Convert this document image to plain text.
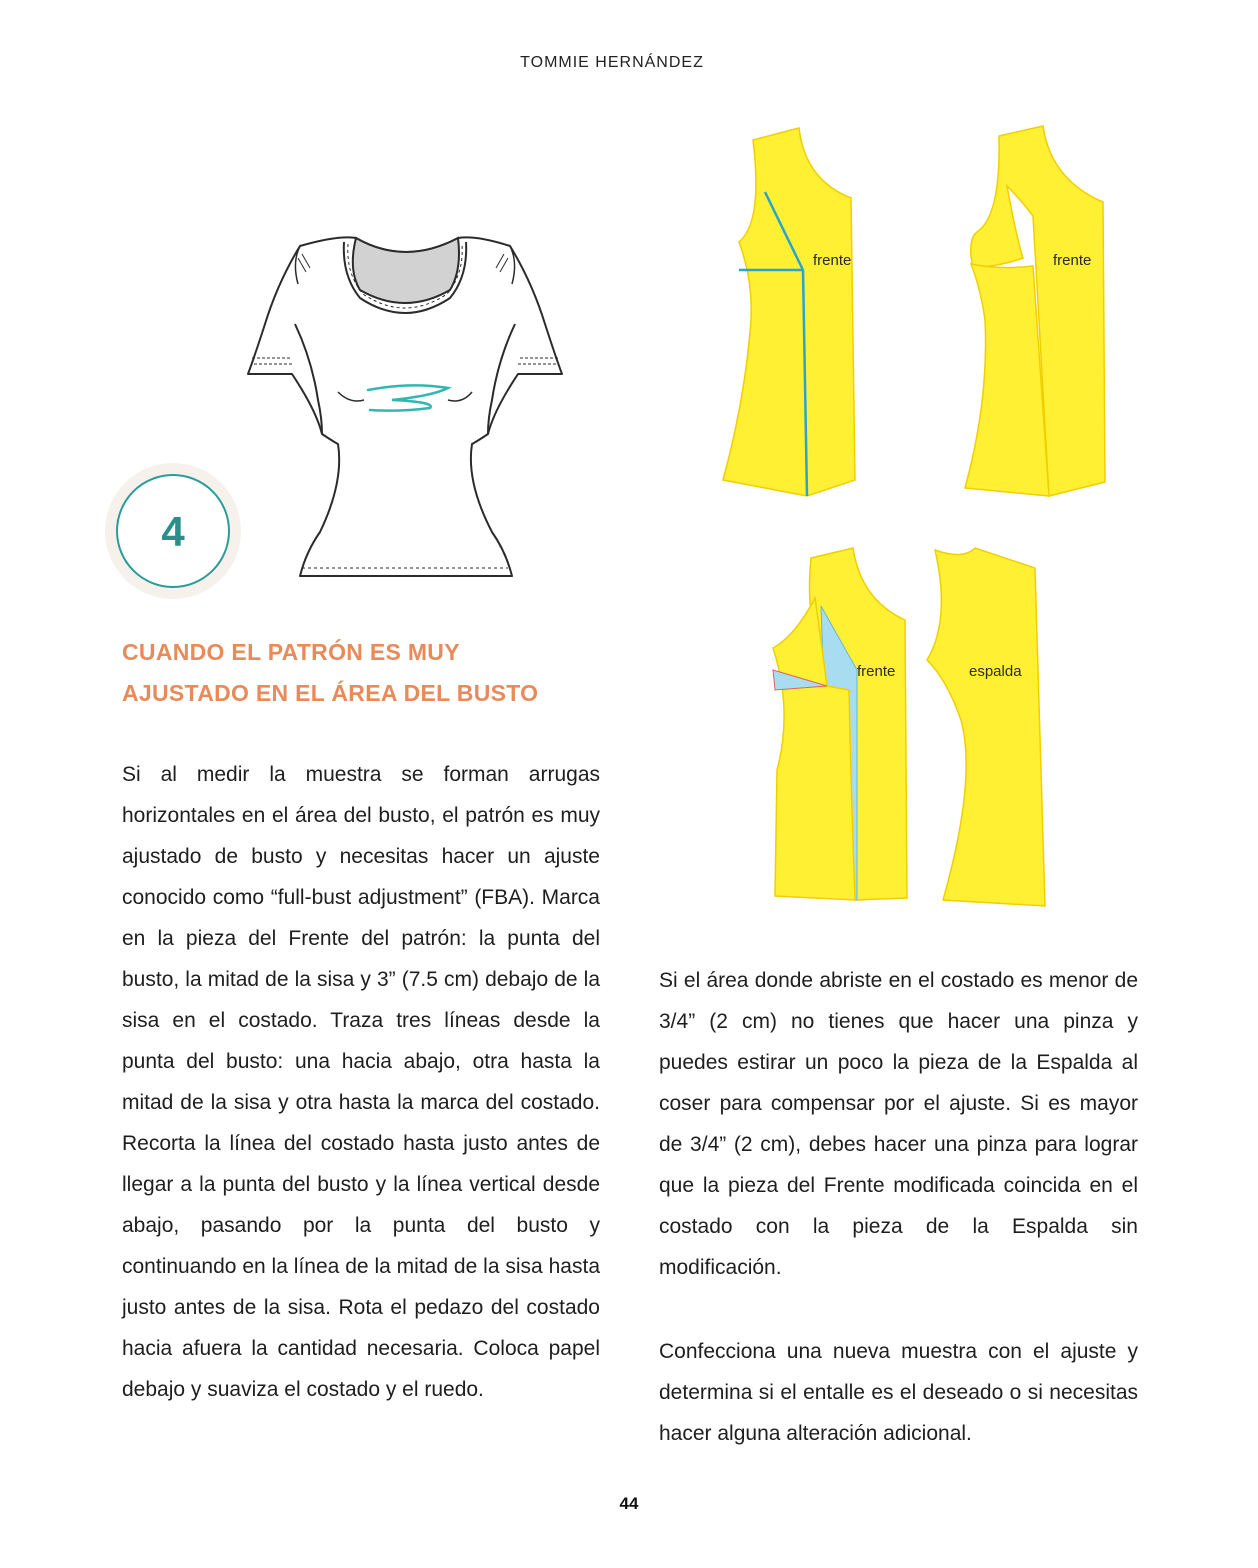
TOMMIE HERNÁNDEZ
4
frente	frente
frente	espalda
CUANDO EL PATRÓN ES MUY
AJUSTADO EN EL ÁREA DEL BUSTO

Si al medir la muestra se forman arrugas horizontales en el área del busto, el patrón es muy ajustado de busto y necesitas hacer un ajuste conocido como “full-bust adjustment” (FBA). Marca en la pieza del Frente del patrón: la punta del busto, la mitad de la sisa y 3” (7.5 cm) debajo de la sisa en el costado. Traza tres líneas desde la punta del busto: una hacia abajo, otra hasta la mitad de la sisa y otra hasta la marca del costado. Recorta la línea del costado hasta justo antes de llegar a la punta del busto y la línea vertical desde abajo, pasando por la punta del busto y continuando en la línea de la mitad de la sisa hasta justo antes de la sisa. Rota el pedazo del costado hacia afuera la cantidad necesaria. Coloca papel debajo y suaviza el costado y el ruedo.

Si el área donde abriste en el costado es menor de 3/4” (2 cm) no tienes que hacer una pinza y puedes estirar un poco la pieza de la Espalda al coser para compensar por el ajuste. Si es mayor de 3/4” (2 cm), debes hacer una pinza para lograr que la pieza del Frente modificada coincida en el costado con la pieza de la Espalda sin modificación.

Confecciona una nueva muestra con el ajuste y determina si el entalle es el deseado o si necesitas hacer alguna alteración adicional.

44
